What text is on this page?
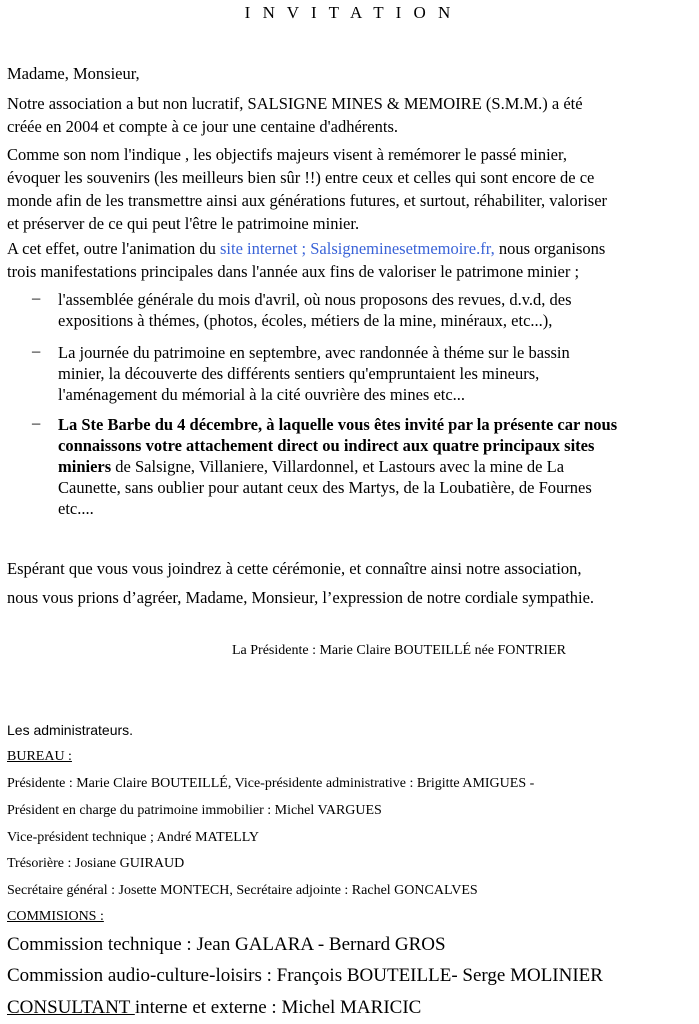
I N V I T A T I O N
Madame, Monsieur,
Notre association a but non lucratif, SALSIGNE MINES & MEMOIRE (S.M.M.) a été
créée en 2004 et compte à ce jour une centaine d'adhérents.
Comme son nom l'indique , les objectifs majeurs visent à remémorer le passé minier,
évoquer les souvenirs (les meilleurs bien sûr !!) entre ceux et celles qui sont encore de ce
monde afin de les transmettre ainsi aux générations futures, et surtout, réhabiliter, valoriser
et préserver de ce qui peut l'être le patrimoine minier.
A cet effet, outre l'animation du site internet ; Salsigneminesetmemoire.fr, nous organisons
trois manifestations principales dans l'année aux fins de valoriser le patrimone minier ;
– l'assemblée générale du mois d'avril, où nous proposons des revues, d.v.d, des
expositions à thémes, (photos, écoles, métiers de la mine, minéraux, etc...),
– La journée du patrimoine en septembre, avec randonnée à théme sur le bassin
minier, la découverte des différents sentiers qu'empruntaient les mineurs,
l'aménagement du mémorial à la cité ouvrière des mines etc...
– La Ste Barbe du 4 décembre, à laquelle vous êtes invité par la présente car nous
connaissons votre attachement direct ou indirect aux quatre principaux sites
miniers de Salsigne, Villaniere, Villardonnel, et Lastours avec la mine de La
Caunette, sans oublier pour autant ceux des Martys, de la Loubatière, de Fournes
etc....
Espérant que vous vous joindrez à cette cérémonie, et connaître ainsi notre association,
nous vous prions d’agréer, Madame, Monsieur, l’expression de notre cordiale sympathie.
La Présidente : Marie Claire BOUTEILLÉ née FONTRIER
Les administrateurs.
BUREAU :
Présidente : Marie Claire BOUTEILLÉ, Vice-présidente administrative : Brigitte AMIGUES -
Président en charge du patrimoine immobilier : Michel VARGUES
Vice-président technique ; André MATELLY
Trésorière : Josiane GUIRAUD
Secrétaire général : Josette MONTECH, Secrétaire adjointe : Rachel GONCALVES
COMMISIONS :
Commission technique : Jean GALARA - Bernard GROS
Commission audio-culture-loisirs : François BOUTEILLE- Serge MOLINIER
CONSULTANT interne et externe : Michel MARICIC
